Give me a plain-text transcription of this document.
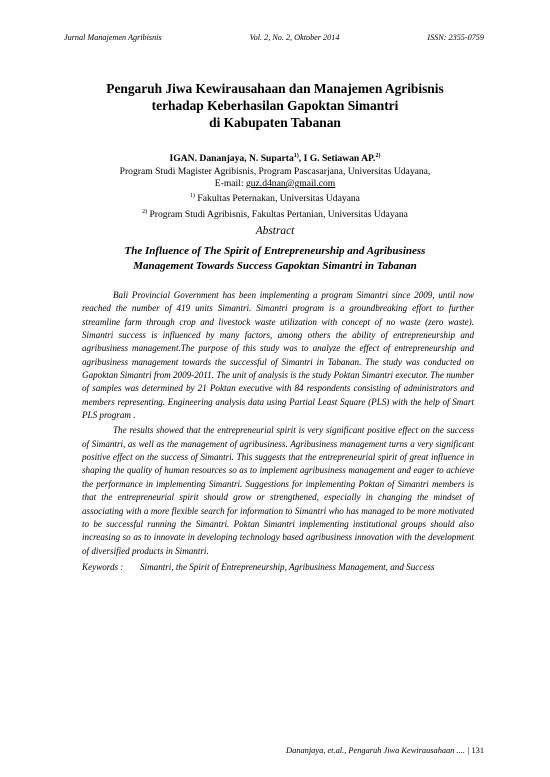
Jurnal Manajemen Agribisnis	Vol. 2, No. 2, Oktober 2014	ISSN: 2355-0759
Pengaruh Jiwa Kewirausahaan dan Manajemen Agribisnis
terhadap Keberhasilan Gapoktan Simantri
di Kabupaten Tabanan
IGAN. Dananjaya, N. Suparta$^{1)}$, I G. Setiawan AP.$^{2)}$
Program Studi Magister Agribisnis, Program Pascasarjana, Universitas Udayana,
E-mail: guz.d4nan@gmail.com
$^{1)}$ Fakultas Peternakan, Universitas Udayana
$^{2)}$ Program Studi Agribisnis, Fakultas Pertanian, Universitas Udayana
Abstract
The Influence of The Spirit of Entrepreneurship and Agribusiness
Management Towards Success Gapoktan Simantri in Tabanan

Bali Provincial Government has been implementing a program Simantri since 2009, until now reached the number of 419 units Simantri. Simantri program is a groundbreaking effort to further streamline farm through crop and livestock waste utilization with concept of no waste (zero waste). Simantri success is influenced by many factors, among others the ability of entrepreneurship and agribusiness management.The purpose of this study was to analyze the effect of entrepreneurship and agribusiness management towards the successful of Simantri in Tabanan. The study was conducted on Gapoktan Simantri from 2009-2011. The unit of analysis is the study Poktan Simantri executor. The number of samples was determined by 21 Poktan executive with 84 respondents consisting of administrators and members representing. Engineering analysis data using Partial Least Square (PLS) with the help of Smart PLS program .

The results showed that the entrepreneurial spirit is very significant positive effect on the success of Simantri, as well as the management of agribusiness. Agribusiness management turns a very significant positive effect on the success of Simantri. This suggests that the entrepreneurial spirit of great influence in shaping the quality of human resources so as to implement agribusiness management and eager to achieve the performance in implementing Simantri. Suggestions for implementing Poktan of Simantri members is that the entrepreneurial spirit should grow or strengthened, especially in changing the mindset of associating with a more flexible search for information to Simantri who has managed to be more motivated to be successful running the Simantri. Poktan Simantri implementing institutional groups should also increasing so as to innovate in developing technology based agribusiness innovation with the development of diversified products in Simantri.

Keywords :	Simantri, the Spirit of Entrepreneurship, Agribusiness Management, and Success
Dananjaya, et.al., Pengaruh Jiwa Kewirausahaan .... | 131
